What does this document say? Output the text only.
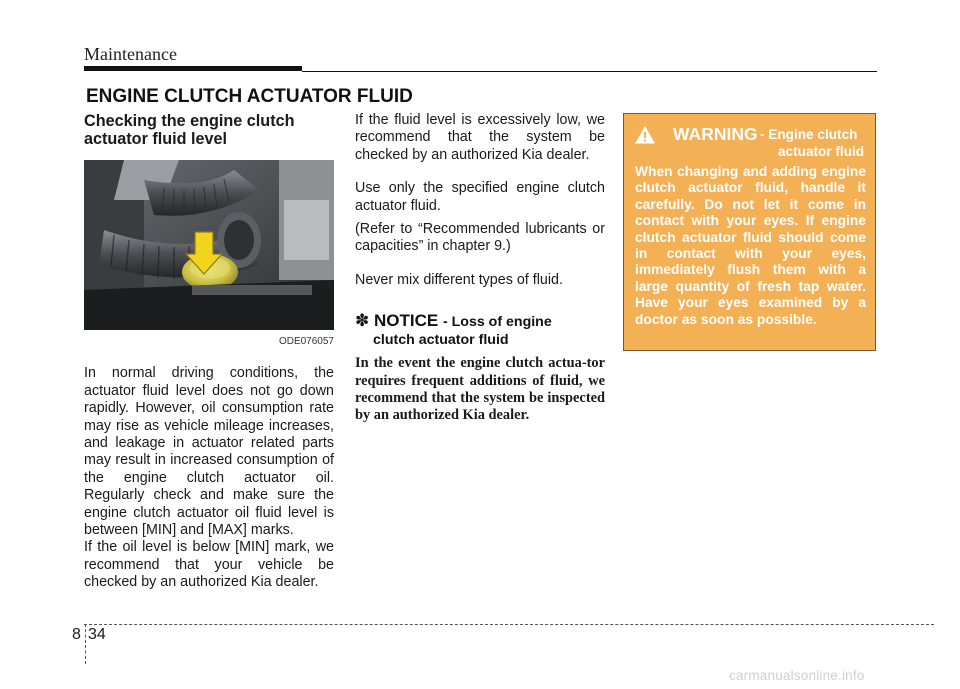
Maintenance
ENGINE CLUTCH ACTUATOR FLUID
Checking the engine clutch actuator fluid level
ODE076057

In normal driving conditions, the actuator fluid level does not go down rapidly. However, oil consumption rate may rise as vehicle mileage increases, and leakage in actuator related parts may result in increased consumption of the engine clutch actuator oil. Regularly check and make sure the engine clutch actuator oil fluid level is between [MIN] and [MAX] marks.

If the oil level is below [MIN] mark, we recommend that your vehicle be checked by an authorized Kia dealer.

If the fluid level is excessively low, we recommend that the system be checked by an authorized Kia dealer.

Use only the specified engine clutch actuator fluid.

(Refer to “Recommended lubricants or capacities” in chapter 9.)

Never mix different types of fluid.

✽ NOTICE - Loss of engine
clutch actuator fluid
In the event the engine clutch actua-tor requires frequent additions of fluid, we recommend that the system be inspected by an authorized Kia dealer.
WARNING - Engine clutch
actuator fluid
When changing and adding engine clutch actuator fluid, handle it carefully. Do not let it come in contact with your eyes. If engine clutch actuator fluid should come in contact with your eyes, immediately flush them with a large quantity of fresh tap water. Have your eyes examined by a doctor as soon as possible.
8 34
carmanualsonline.info
